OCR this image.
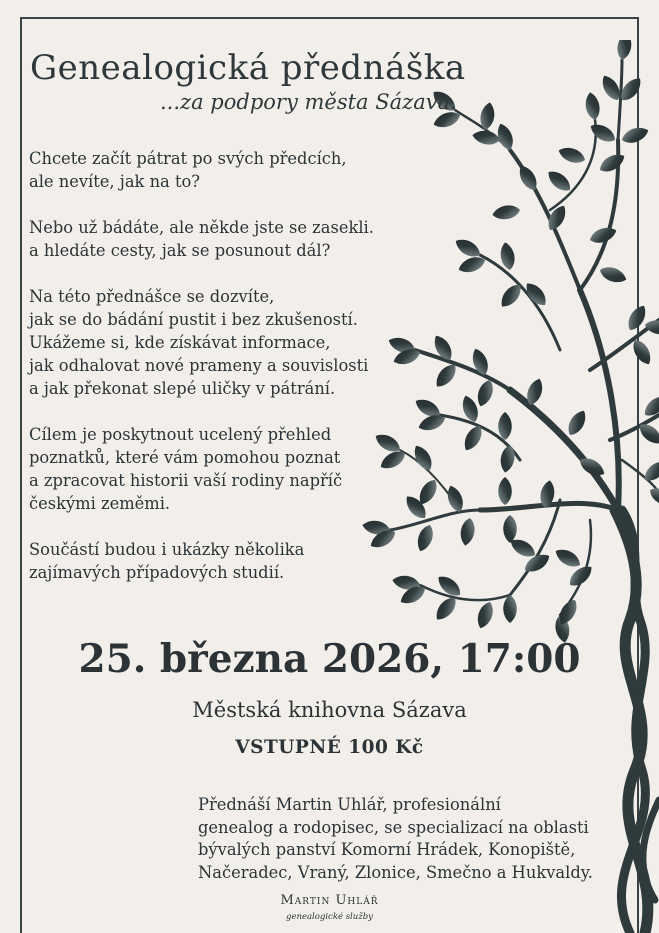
Genealogická přednáška

...za podpory města Sázava.

Chcete začít pátrat po svých předcích,
ale nevíte, jak na to?

Nebo už bádáte, ale někde jste se zasekli.
a hledáte cesty, jak se posunout dál?

Na této přednášce se dozvíte,
jak se do bádání pustit i bez zkušeností.
Ukážeme si, kde získávat informace,
jak odhalovat nové prameny a souvislosti
a jak překonat slepé uličky v pátrání.

Cílem je poskytnout ucelený přehled
poznatků, které vám pomohou poznat
a zpracovat historii vaší rodiny napříč
českými zeměmi.

Součástí budou i ukázky několika
zajímavých případových studií.

25. března 2026, 17:00
Městská knihovna Sázava
VSTUPNÉ 100 Kč
Přednáší Martin Uhlář, profesionální
genealog a rodopisec, se specializací na oblasti
bývalých panství Komorní Hrádek, Konopiště,
Načeradec, Vraný, Zlonice, Smečno a Hukvaldy.
Martin Uhlář
genealogické služby
